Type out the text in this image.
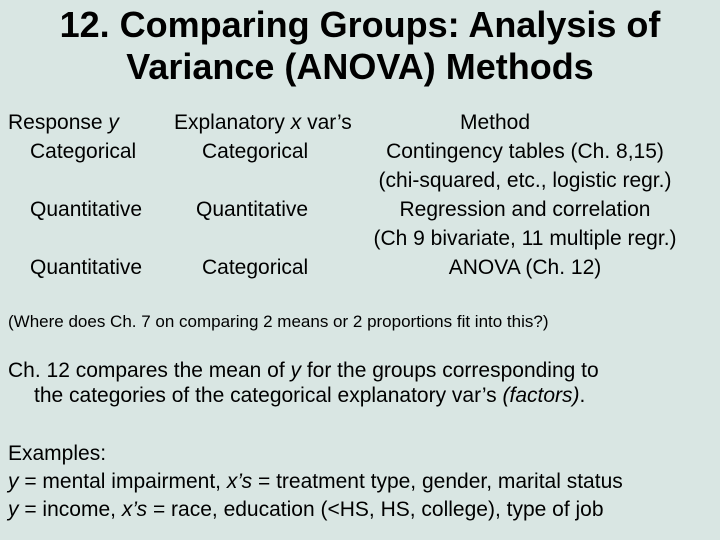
12. Comparing Groups: Analysis of
Variance (ANOVA) Methods
Response y	Explanatory x var’s	Method
Categorical	Categorical	Contingency tables (Ch. 8,15)
(chi-squared, etc., logistic regr.)
Quantitative	Quantitative	Regression and correlation
(Ch 9 bivariate, 11 multiple regr.)
Quantitative	Categorical	ANOVA (Ch. 12)
(Where does Ch. 7 on comparing 2 means or 2 proportions fit into this?)
Ch. 12 compares the mean of y for the groups corresponding to
the categories of the categorical explanatory var’s (factors).
Examples:
y = mental impairment, x’s = treatment type, gender, marital status
y = income, x’s = race, education (<HS, HS, college), type of job
